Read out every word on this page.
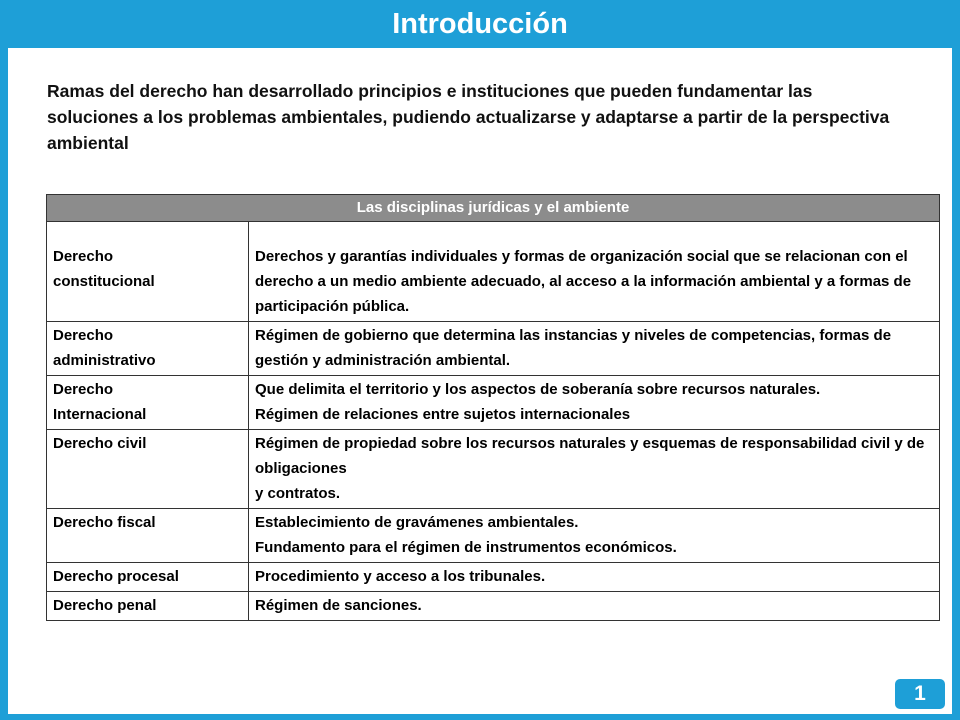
Introducción

Ramas del derecho han desarrollado principios e instituciones que pueden fundamentar las soluciones a los problemas ambientales, pudiendo actualizarse y adaptarse a partir de la perspectiva ambiental

Las disciplinas jurídicas y el ambiente	

Derecho
constitucional	Derechos y garantías individuales y formas de organización social que se relacionan con el derecho a un medio ambiente adecuado, al acceso a la información ambiental y a formas de participación pública.

Derecho
administrativo	Régimen de gobierno que determina las instancias y niveles de competencias, formas de gestión y administración ambiental.

Derecho
Internacional	Que delimita el territorio y los aspectos de soberanía sobre recursos naturales.
Régimen de relaciones entre sujetos internacionales

Derecho civil	Régimen de propiedad sobre los recursos naturales y esquemas de responsabilidad civil y de obligaciones
y contratos.

Derecho fiscal	Establecimiento de gravámenes ambientales.
Fundamento para el régimen de instrumentos económicos.

Derecho procesal	Procedimiento y acceso a los tribunales.

Derecho penal	Régimen de sanciones.
1
